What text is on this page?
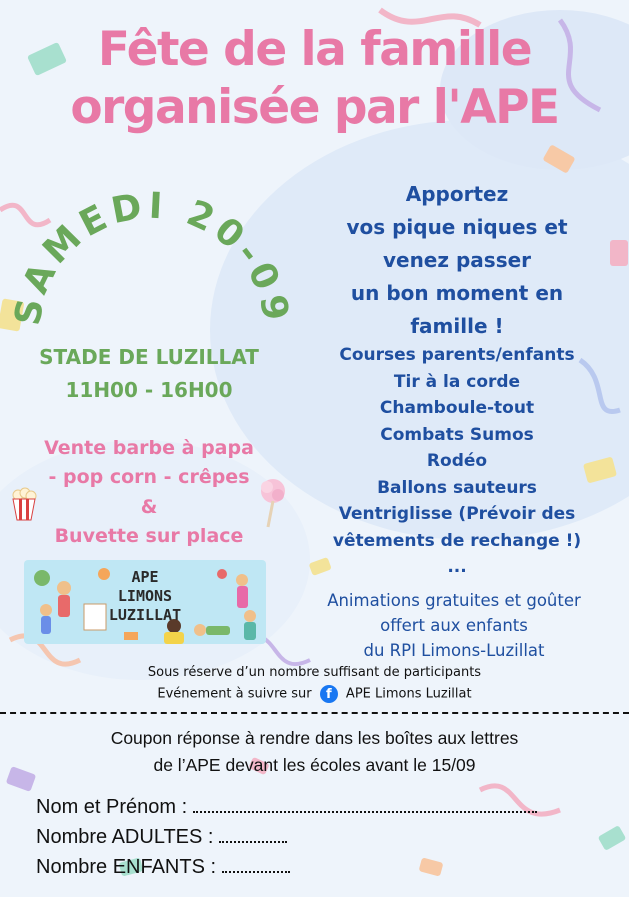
Fête de la famille
organisée par l'APE
SAMEDI 20-09
STADE DE LUZILLAT
11H00 - 16H00
Vente barbe à papa
- pop corn - crêpes
&
Buvette sur place
APE
LIMONS
LUZILLAT
Apportez
vos pique niques et
venez passer
un bon moment en
famille !
Courses parents/enfants
Tir à la corde
Chamboule-tout
Combats Sumos
Rodéo
Ballons sauteurs
Ventriglisse (Prévoir des
vêtements de rechange !)
...
Animations gratuites et goûter
offert aux enfants
du RPI Limons-Luzillat
Sous réserve d’un nombre suffisant de participants
Evénement à suivre sur f APE Limons Luzillat
Coupon réponse à rendre dans les boîtes aux lettres
de l’APE devant les écoles avant le 15/09
Nom et Prénom :
Nombre ADULTES :
Nombre ENFANTS :
